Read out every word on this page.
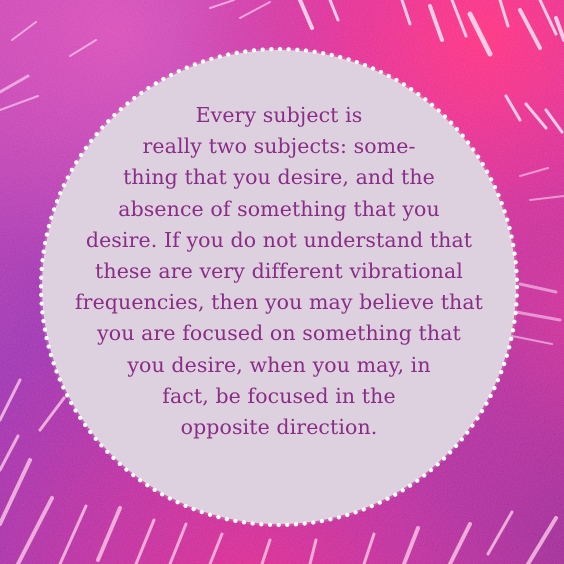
Every subject is
really two subjects: some-
thing that you desire, and the
absence of something that you
desire. If you do not understand that
these are very different vibrational
frequencies, then you may believe that
you are focused on something that
you desire, when you may, in
fact, be focused in the
opposite direction.
